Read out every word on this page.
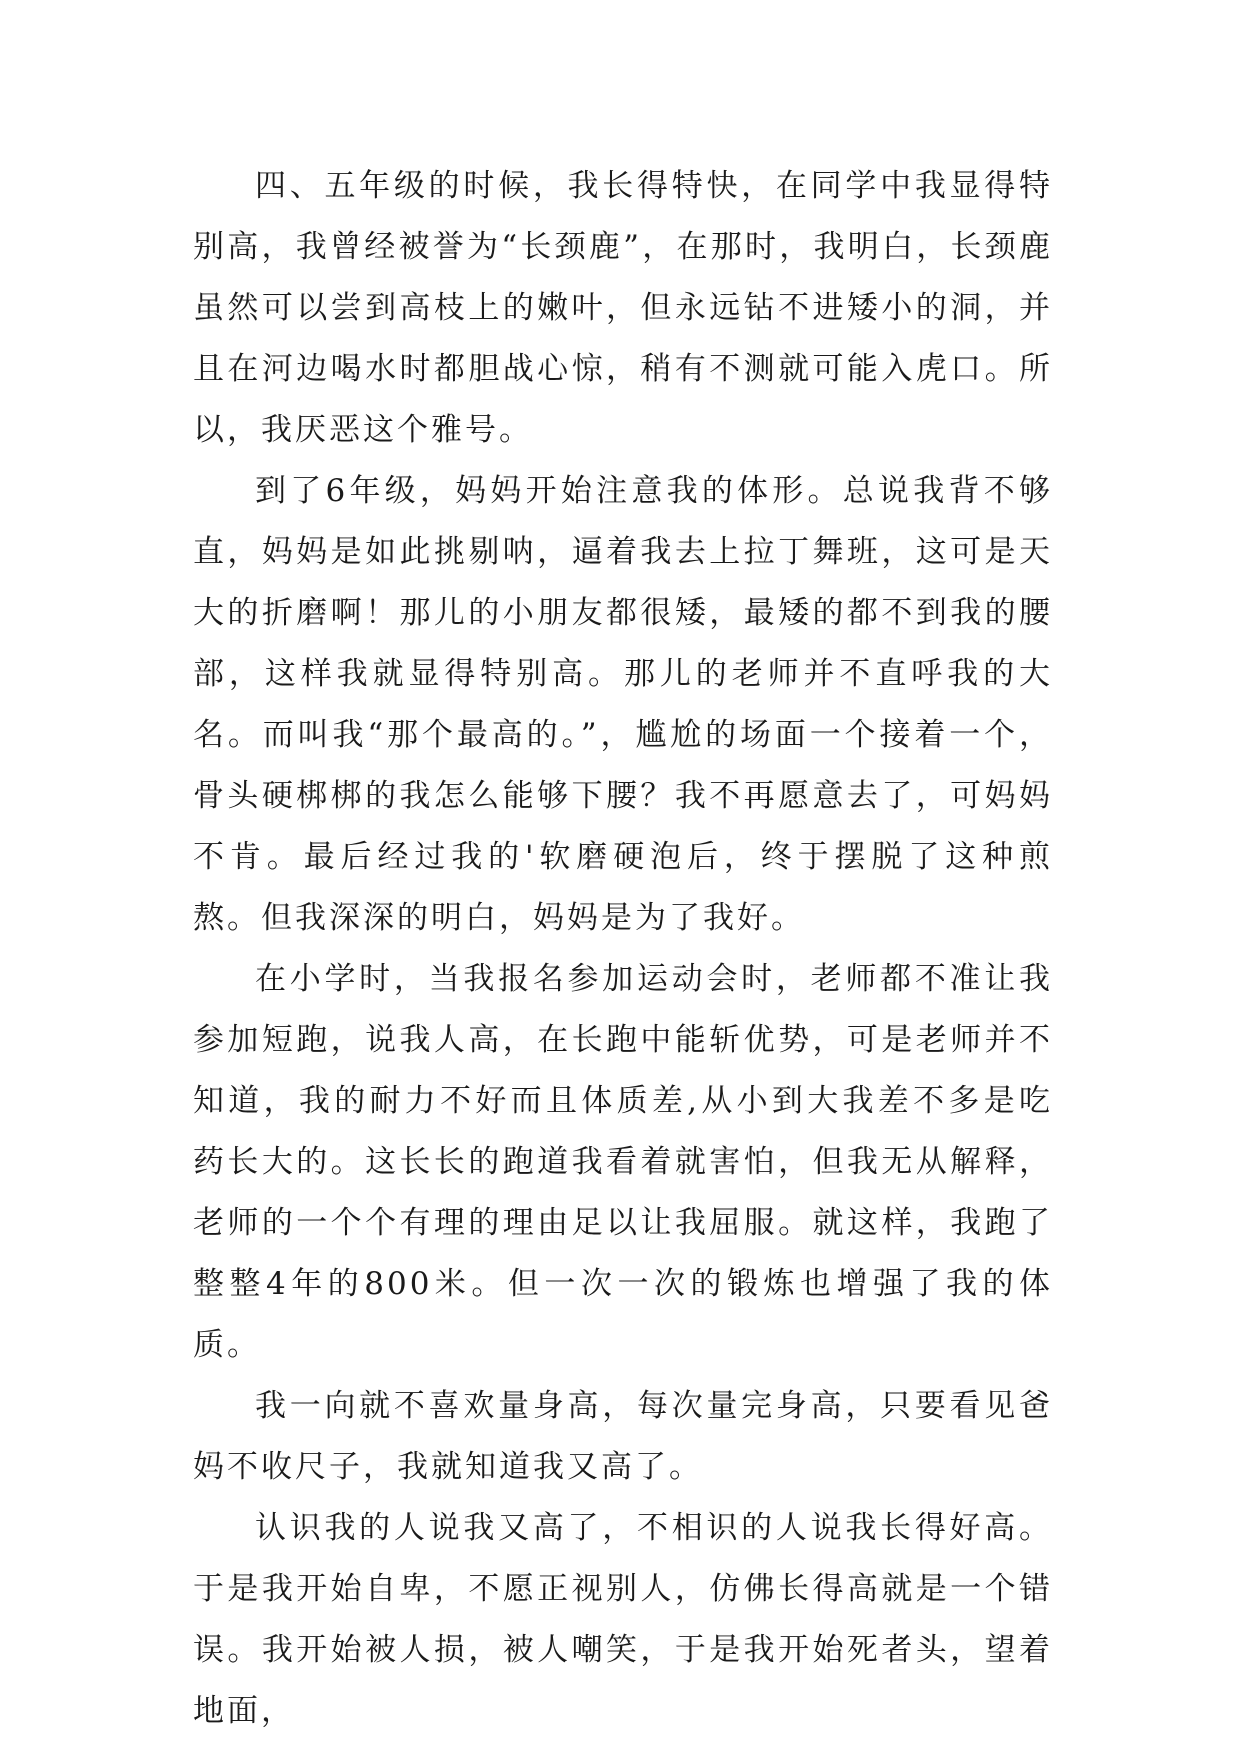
四、五年级的时候，我长得特快，在同学中我显得特别高，我曾经被誉为“长颈鹿”，在那时，我明白，长颈鹿虽然可以尝到高枝上的嫩叶，但永远钻不进矮小的洞，并且在河边喝水时都胆战心惊，稍有不测就可能入虎口。所以，我厌恶这个雅号。

到了6年级，妈妈开始注意我的体形。总说我背不够直，妈妈是如此挑剔呐，逼着我去上拉丁舞班，这可是天大的折磨啊！那儿的小朋友都很矮，最矮的都不到我的腰部，这样我就显得特别高。那儿的老师并不直呼我的大名。而叫我“那个最高的。”，尴尬的场面一个接着一个，骨头硬梆梆的我怎么能够下腰？我不再愿意去了，可妈妈不肯。最后经过我的'软磨硬泡后，终于摆脱了这种煎熬。但我深深的明白，妈妈是为了我好。

在小学时，当我报名参加运动会时，老师都不准让我参加短跑，说我人高，在长跑中能斩优势，可是老师并不知道，我的耐力不好而且体质差,从小到大我差不多是吃药长大的。这长长的跑道我看着就害怕，但我无从解释，老师的一个个有理的理由足以让我屈服。就这样，我跑了整整4年的800米。但一次一次的锻炼也增强了我的体质。

我一向就不喜欢量身高，每次量完身高，只要看见爸妈不收尺子，我就知道我又高了。

认识我的人说我又高了，不相识的人说我长得好高。于是我开始自卑，不愿正视别人，仿佛长得高就是一个错误。我开始被人损，被人嘲笑，于是我开始死者头，望着地面，
